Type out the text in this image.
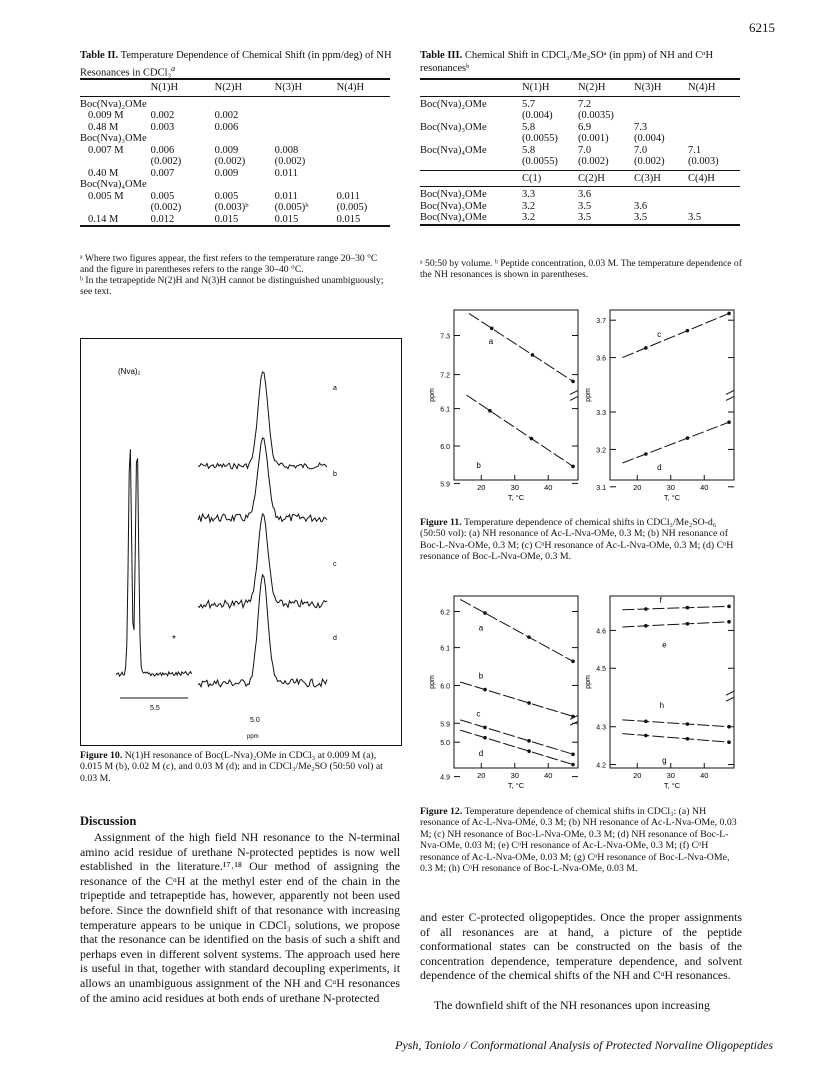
6215
Table II. Temperature Dependence of Chemical Shift (in ppm/deg) of NH Resonances in CDCl₃$^a$
	N(1)H	N(2)H	N(3)H	N(4)H
Boc(Nva)₂OMe				
0.009 M	0.002	0.002		
0.48 M	0.003	0.006		
Boc(Nva)₃OMe				
0.007 M	0.006	0.009	0.008	
	(0.002)	(0.002)	(0.002)	
0.40 M	0.007	0.009	0.011	
Boc(Nva)₄OMe				
0.005 M	0.005	0.005	0.011	0.011
	(0.002)	(0.003)ᵇ	(0.005)ᵇ	(0.005)
0.14 M	0.012	0.015	0.015	0.015
ᵃ Where two figures appear, the first refers to the temperature range 20–30 °C and the figure in parentheses refers to the range 30–40 °C.
ᵇ In the tetrapeptide N(2)H and N(3)H cannot be distinguished unambiguously; see text.
Table III. Chemical Shift in CDCl₃/Me₂SOᵃ (in ppm) of NH and CᵅH resonancesᵇ
	N(1)H	N(2)H	N(3)H	N(4)H
Boc(Nva)₂OMe	5.7	7.2		
	(0.004)	(0.0035)		
Boc(Nva)₃OMe	5.8	6.9	7.3	
	(0.0055)	(0.001)	(0.004)	
Boc(Nva)₄OMe	5.8	7.0	7.0	7.1
	(0.0055)	(0.002)	(0.002)	(0.003)
	C(1)	C(2)H	C(3)H	C(4)H
Boc(Nva)₂OMe	3.3	3.6		
Boc(Nva)₃OMe	3.2	3.5	3.6	
Boc(Nva)₄OMe	3.2	3.5	3.5	3.5
ᵃ 50:50 by volume. ᵇ Peptide concentration, 0.03 M. The temperature dependence of the NH resonances is shown in parentheses.
(Nva)₂
a
b
c
d
*
5.5
5.0
ppm
Figure 10. N(1)H resonance of Boc(L-Nva)₂OMe in CDCl₃ at 0.009 M (a), 0.015 M (b), 0.02 M (c), and 0.03 M (d); and in CDCl₃/Me₂SO (50:50 vol) at 0.03 M.
7.3
7.2
6.1
6.0
5.9	20	30	40
T, °C
ppm
a
b
3.7
3.6
3.3
3.2
3.1	20	30	40
T, °C
ppm
c
d
Figure 11. Temperature dependence of chemical shifts in CDCl₃/Me₂SO-d₆ (50:50 vol): (a) NH resonance of Ac-L-Nva-OMe, 0.3 M; (b) NH resonance of Boc-L-Nva-OMe, 0.3 M; (c) CᵅH resonance of Ac-L-Nva-OMe, 0.3 M; (d) CᵅH resonance of Boc-L-Nva-OMe, 0.3 M.
6.2
6.1
6.0
5.9
5.0
4.9	20	30	40
T, °C
ppm
a
b
c
d
4.6
4.5
4.3
4.2
20	30	40
T, °C
ppm
f
e
h
g
Figure 12. Temperature dependence of chemical shifts in CDCl₃: (a) NH resonance of Ac-L-Nva-OMe, 0.3 M; (b) NH resonance of Ac-L-Nva-OMe, 0.03 M; (c) NH resonance of Boc-L-Nva-OMe, 0.3 M; (d) NH resonance of Boc-L-Nva-OMe, 0.03 M; (e) CᵅH resonance of Ac-L-Nva-OMe, 0.3 M; (f) CᵅH resonance of Ac-L-Nva-OMe, 0.03 M; (g) CᵅH resonance of Boc-L-Nva-OMe, 0.3 M; (h) CᵅH resonance of Boc-L-Nva-OMe, 0.03 M.
Discussion
Assignment of the high field NH resonance to the N-terminal amino acid residue of urethane N-protected peptides is now well established in the literature.¹⁷˒¹⁸ Our method of assigning the resonance of the CᵅH at the methyl ester end of the chain in the tripeptide and tetrapeptide has, however, apparently not been used before. Since the downfield shift of that resonance with increasing temperature appears to be unique in CDCl₃ solutions, we propose that the resonance can be identified on the basis of such a shift and perhaps even in different solvent systems. The approach used here is useful in that, together with standard decoupling experiments, it allows an unambiguous assignment of the NH and CᵅH resonances of the amino acid residues at both ends of urethane N-protected
and ester C-protected oligopeptides. Once the proper assignments of all resonances are at hand, a picture of the peptide conformational states can be constructed on the basis of the concentration dependence, temperature dependence, and solvent dependence of the chemical shifts of the NH and CᵅH resonances.
The downfield shift of the NH resonances upon increasing
Pysh, Toniolo / Conformational Analysis of Protected Norvaline Oligopeptides
